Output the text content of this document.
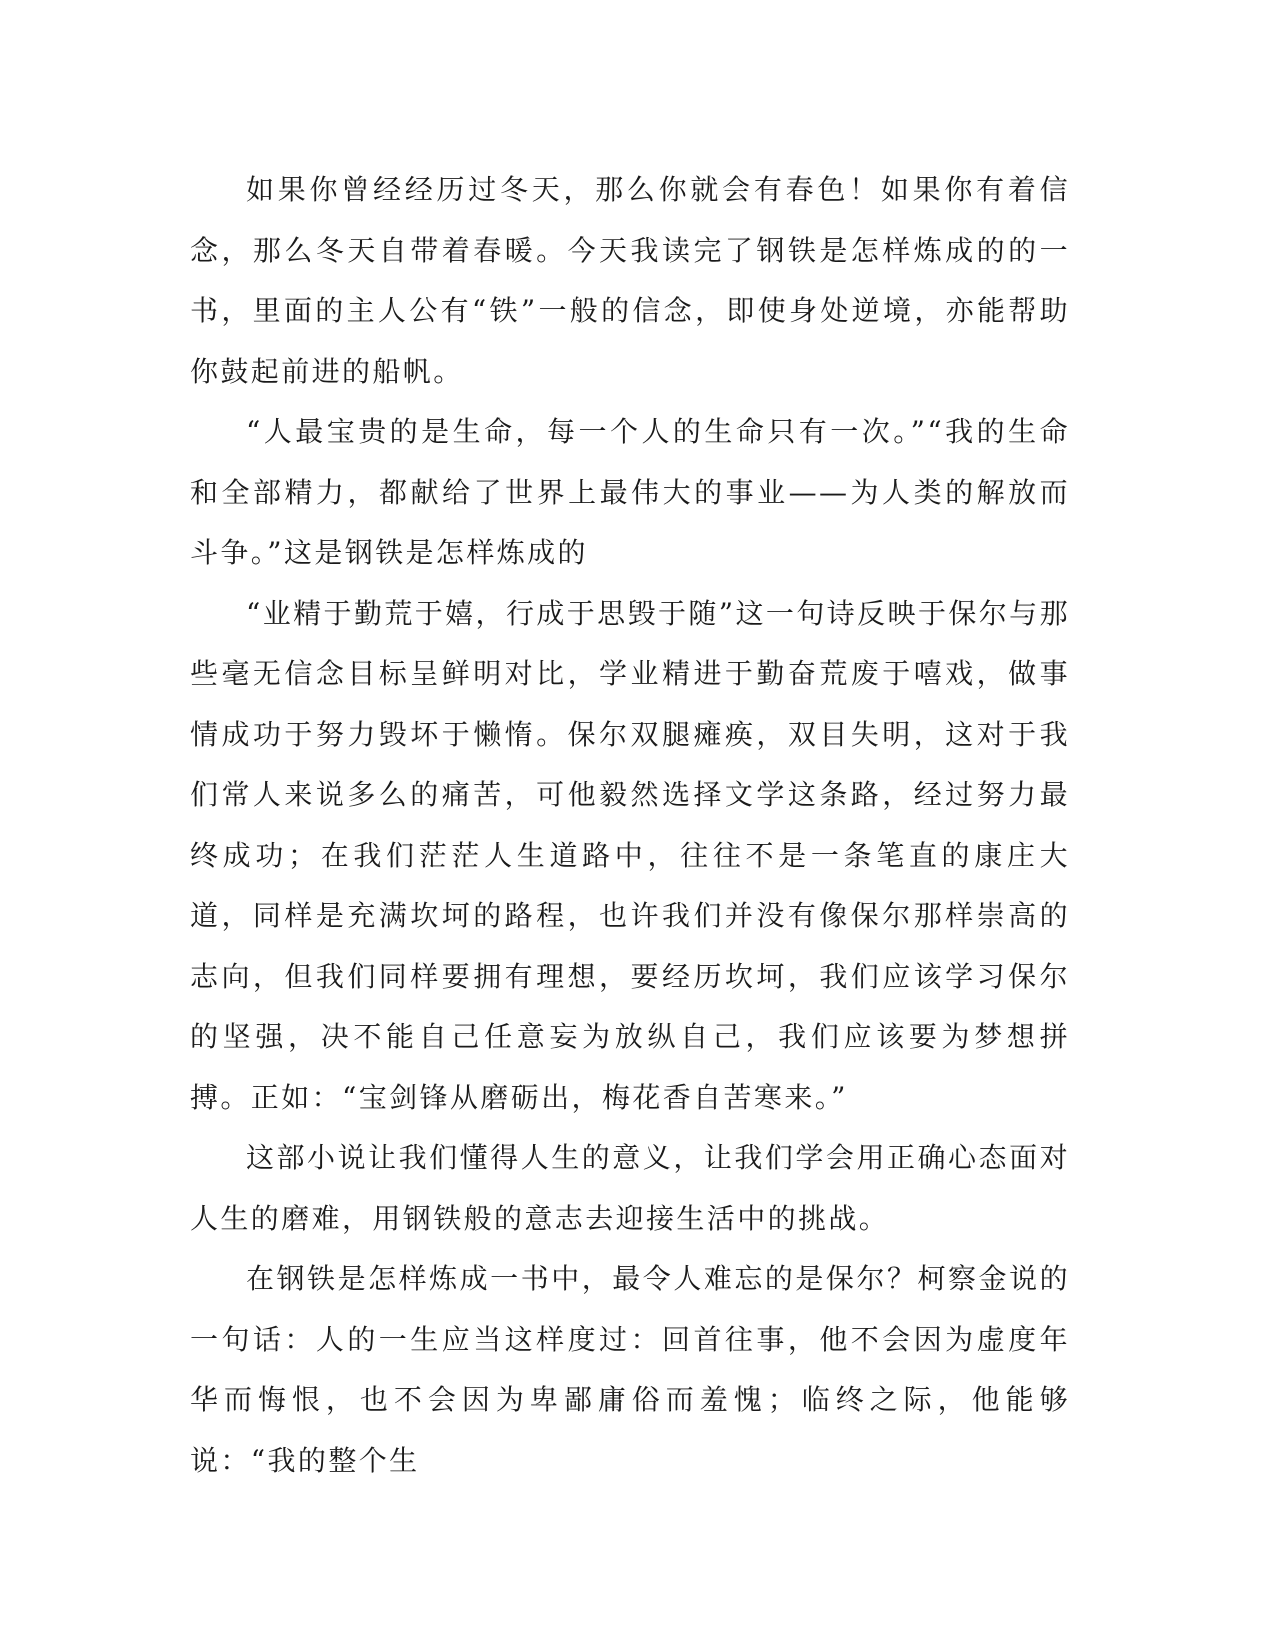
如果你曾经经历过冬天，那么你就会有春色！如果你有着信念，那么冬天自带着春暖。今天我读完了钢铁是怎样炼成的的一书，里面的主人公有“铁”一般的信念，即使身处逆境，亦能帮助你鼓起前进的船帆。

“人最宝贵的是生命，每一个人的生命只有一次。”“我的生命和全部精力，都献给了世界上最伟大的事业——为人类的解放而斗争。”这是钢铁是怎样炼成的

“业精于勤荒于嬉，行成于思毁于随”这一句诗反映于保尔与那些毫无信念目标呈鲜明对比，学业精进于勤奋荒废于嘻戏，做事情成功于努力毁坏于懒惰。保尔双腿瘫痪，双目失明，这对于我们常人来说多么的痛苦，可他毅然选择文学这条路，经过努力最终成功；在我们茫茫人生道路中，往往不是一条笔直的康庄大道，同样是充满坎坷的路程，也许我们并没有像保尔那样崇高的志向，但我们同样要拥有理想，要经历坎坷，我们应该学习保尔的坚强，决不能自己任意妄为放纵自己，我们应该要为梦想拼搏。正如：“宝剑锋从磨砺出，梅花香自苦寒来。”

这部小说让我们懂得人生的意义，让我们学会用正确心态面对人生的磨难，用钢铁般的意志去迎接生活中的挑战。

在钢铁是怎样炼成一书中，最令人难忘的是保尔？柯察金说的一句话：人的一生应当这样度过：回首往事，他不会因为虚度年华而悔恨，也不会因为卑鄙庸俗而羞愧；临终之际，他能够说：“我的整个生
